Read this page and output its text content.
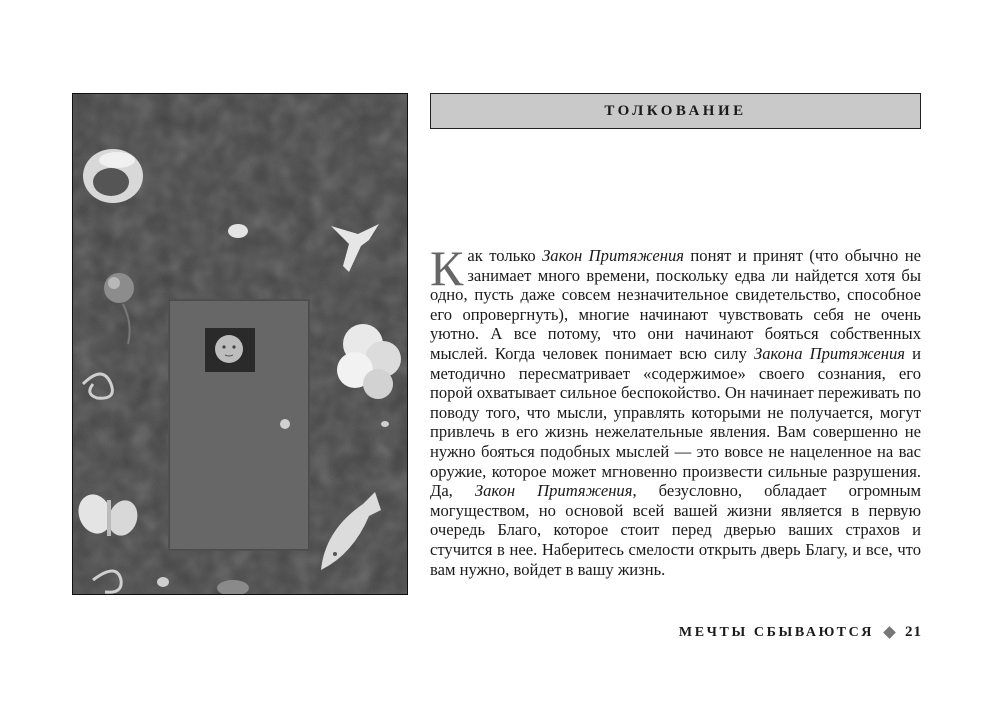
ТОЛКОВАНИЕ
К ак только Закон Притяжения понят и принят (что обычно не занимает много времени, поскольку едва ли найдется хотя бы одно, пусть даже совсем незначительное свидетельство, способное его опровергнуть), многие начинают чувствовать себя не очень уютно. А все потому, что они начинают бояться собственных мыслей. Когда человек понимает всю силу Закона Притяжения и методично пересматривает «содержимое» своего сознания, его порой охватывает сильное беспокойство. Он начинает переживать по поводу того, что мысли, управлять которыми не получается, могут привлечь в его жизнь нежелательные явления. Вам совершенно не нужно бояться подобных мыслей — это вовсе не нацеленное на вас оружие, которое может мгновенно произвести сильные разрушения. Да, Закон Притяжения, безусловно, обладает огромным могуществом, но основой всей вашей жизни является в первую очередь Благо, которое стоит перед дверью ваших страхов и стучится в нее. Наберитесь смелости открыть дверь Благу, и все, что вам нужно, войдет в вашу жизнь.
МЕЧТЫ СБЫВАЮТСЯ 21
